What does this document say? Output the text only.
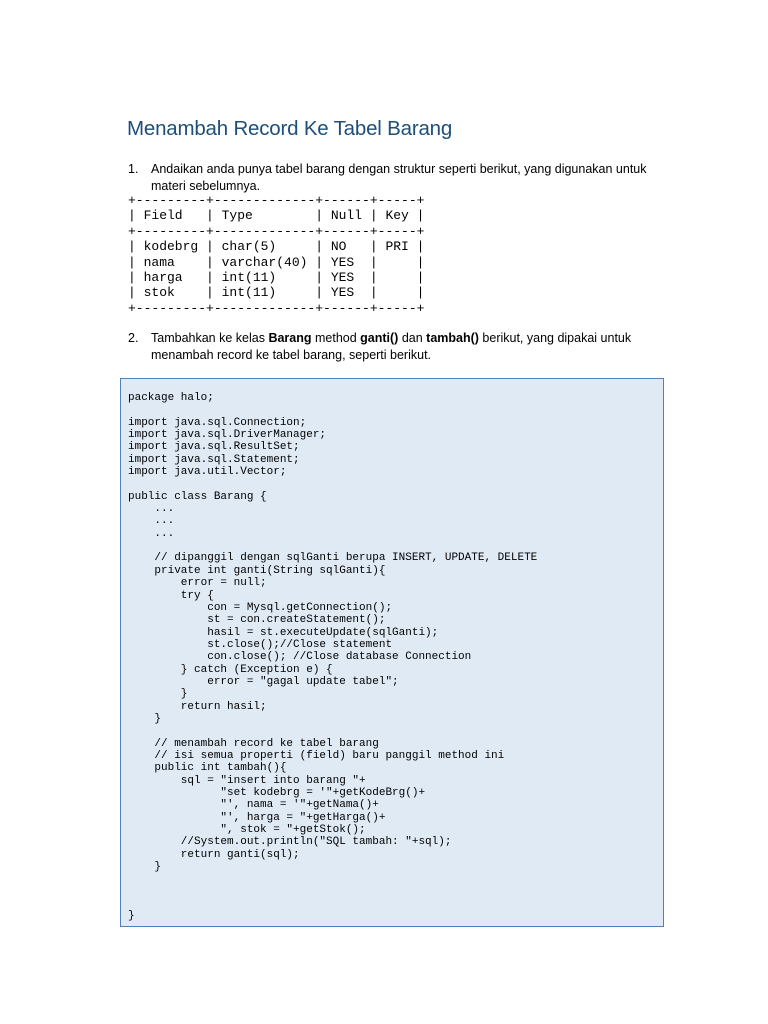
Menambah Record Ke Tabel Barang
1.	Andaikan anda punya tabel barang dengan struktur seperti berikut, yang digunakan untuk materi sebelumnya.
+---------+-------------+------+-----+
| Field   | Type        | Null | Key |
+---------+-------------+------+-----+
| kodebrg | char(5)     | NO   | PRI |
| nama    | varchar(40) | YES  |     |
| harga   | int(11)     | YES  |     |
| stok    | int(11)     | YES  |     |
+---------+-------------+------+-----+
2.	Tambahkan ke kelas Barang method ganti() dan tambah() berikut, yang dipakai untuk menambah record ke tabel barang, seperti berikut.
package halo;

import java.sql.Connection;
import java.sql.DriverManager;
import java.sql.ResultSet;
import java.sql.Statement;
import java.util.Vector;

public class Barang {
...
...
...

// dipanggil dengan sqlGanti berupa INSERT, UPDATE, DELETE
private int ganti(String sqlGanti){
error = null;
try {
con = Mysql.getConnection();
st = con.createStatement();
hasil = st.executeUpdate(sqlGanti);
st.close();//Close statement
con.close(); //Close database Connection
} catch (Exception e) {
error = "gagal update tabel";
}
return hasil;
}

// menambah record ke tabel barang
// isi semua properti (field) baru panggil method ini
public int tambah(){
sql = "insert into barang "+
"set kodebrg = '"+getKodeBrg()+
"', nama = '"+getNama()+
"', harga = "+getHarga()+
", stok = "+getStok();
//System.out.println("SQL tambah: "+sql);
return ganti(sql);
}

}
